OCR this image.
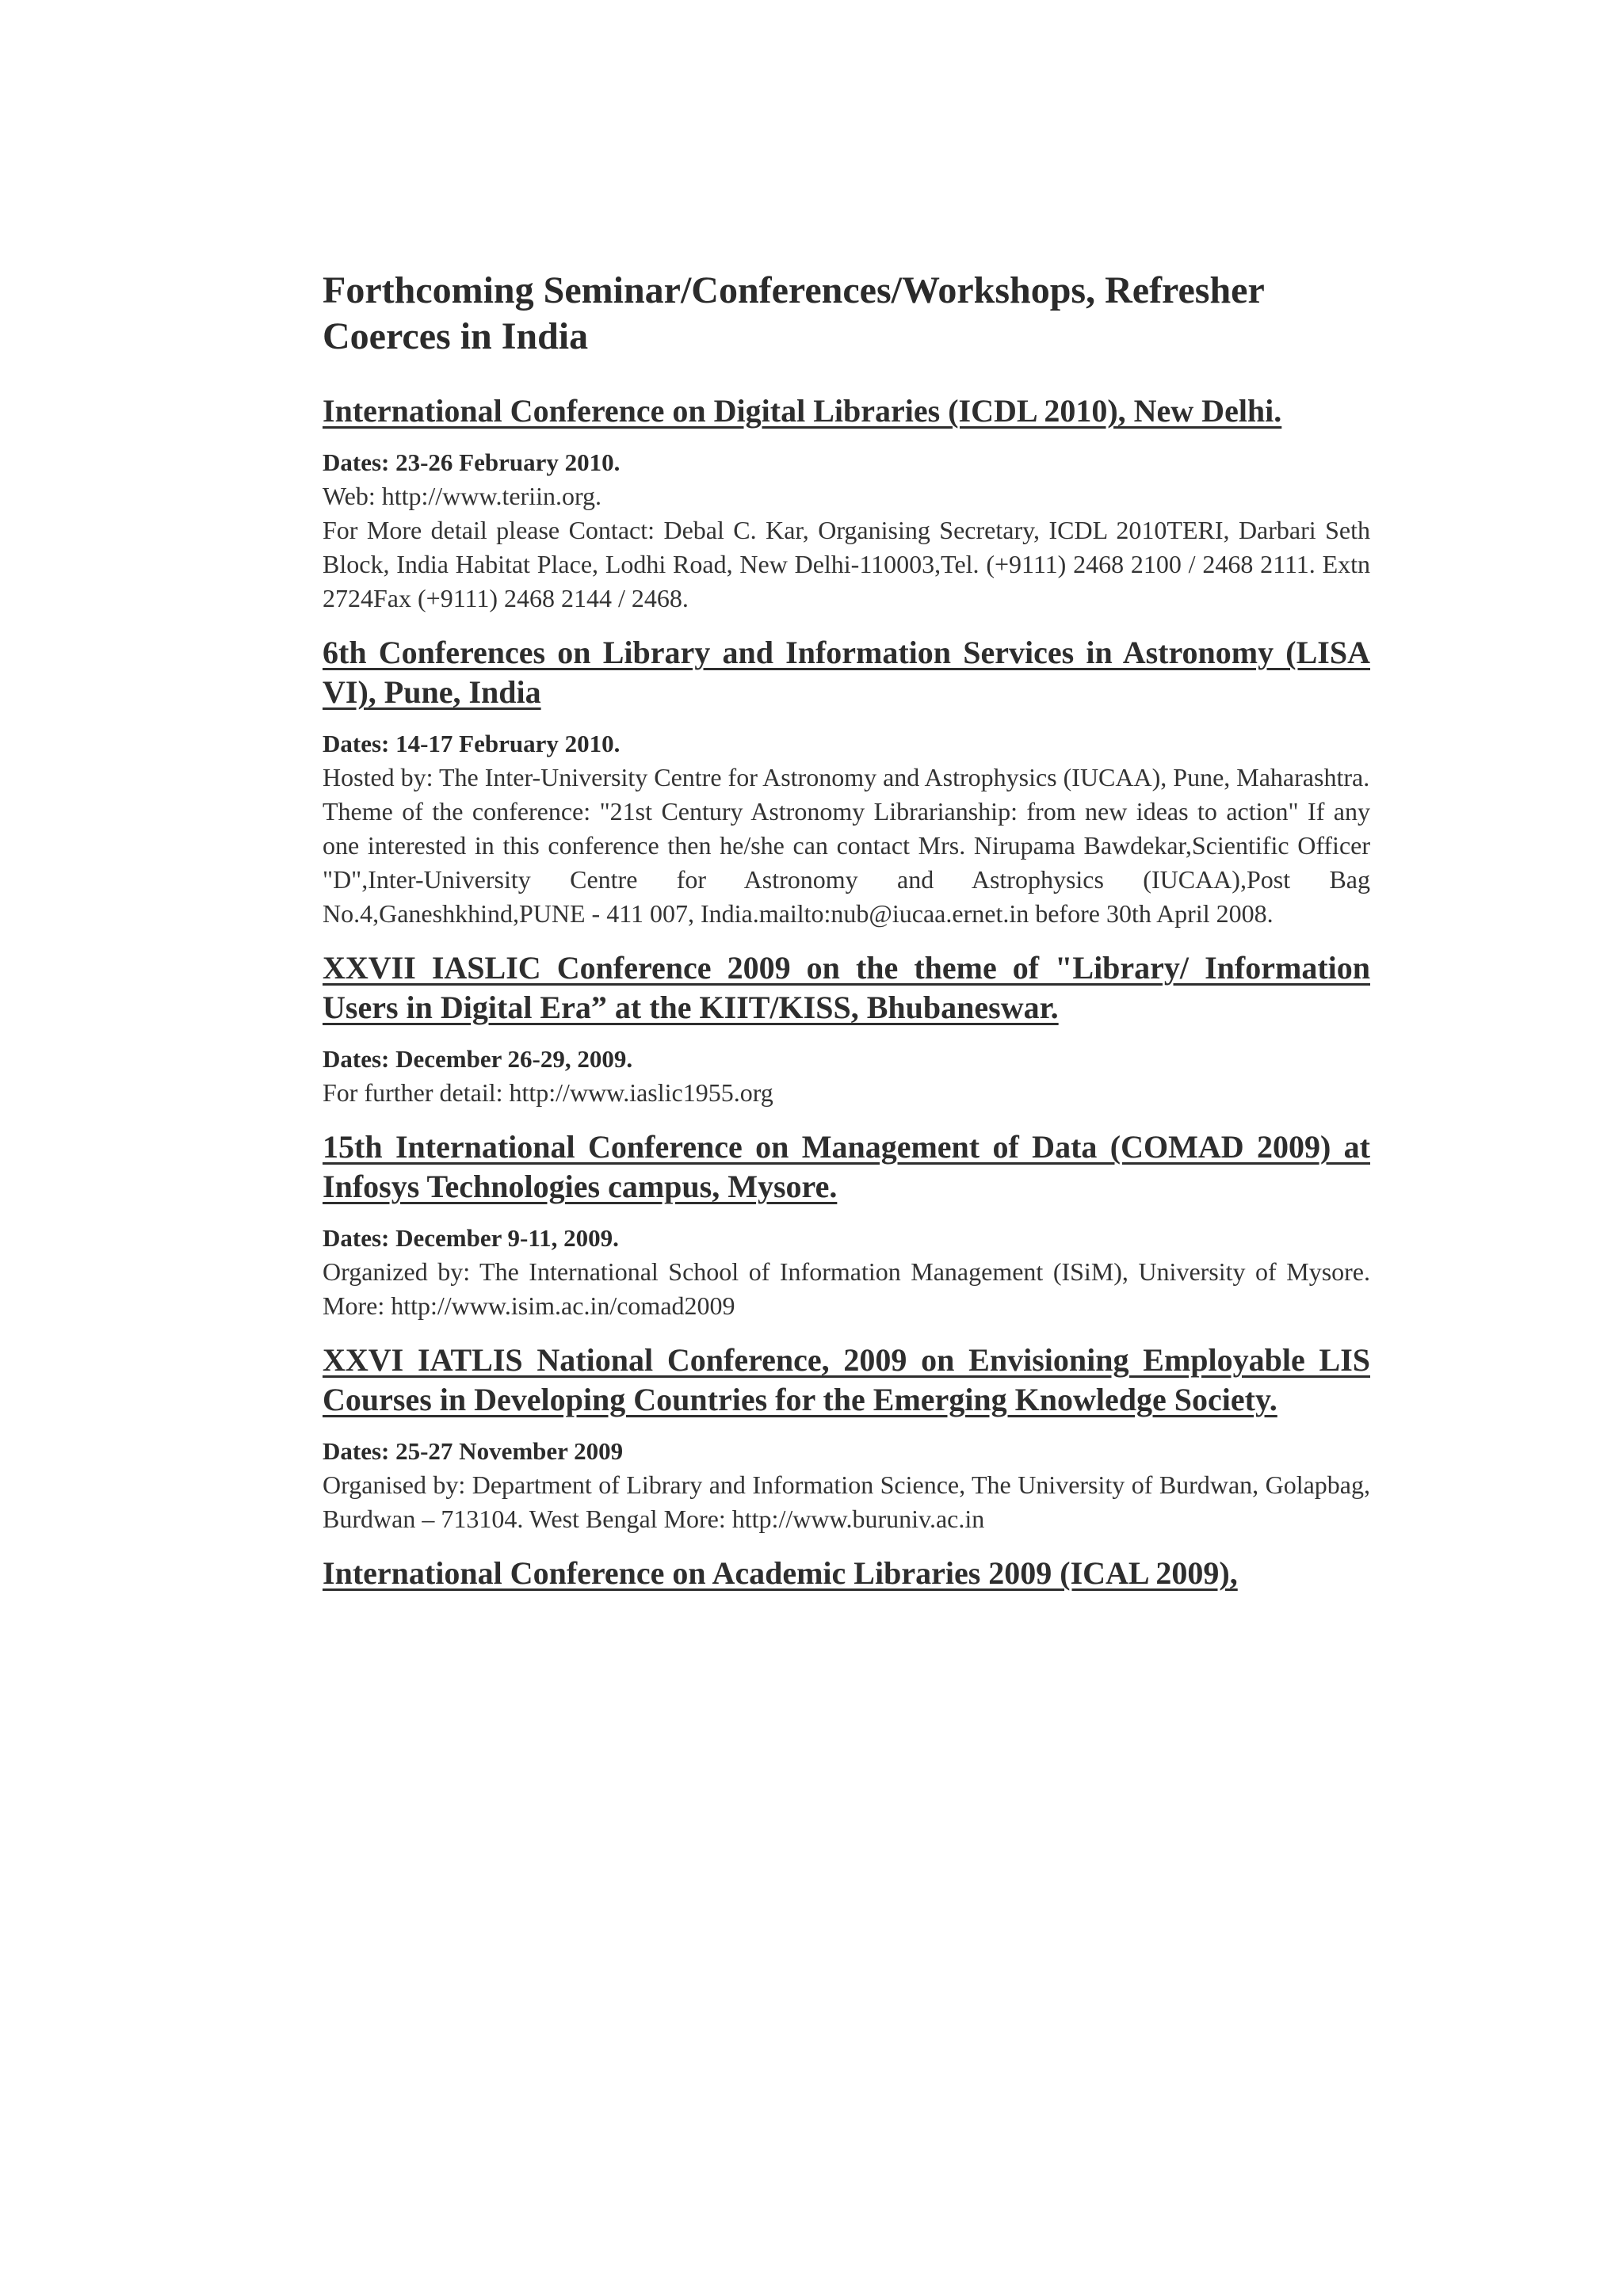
Forthcoming Seminar/Conferences/Workshops, Refresher Coerces in India
International Conference on Digital Libraries (ICDL 2010), New Delhi.

Dates: 23-26 February 2010.

Web: http://www.teriin.org.

For More detail please Contact: Debal C. Kar, Organising Secretary, ICDL 2010TERI, Darbari Seth Block, India Habitat Place, Lodhi Road, New Delhi-110003,Tel. (+9111) 2468 2100 / 2468 2111. Extn 2724Fax (+9111) 2468 2144 / 2468.

6th Conferences on Library and Information Services in Astronomy (LISA VI), Pune, India

Dates: 14-17 February 2010.

Hosted by: The Inter-University Centre for Astronomy and Astrophysics (IUCAA), Pune, Maharashtra.

Theme of the conference: "21st Century Astronomy Librarianship: from new ideas to action" If any one interested in this conference then he/she can contact Mrs. Nirupama Bawdekar,Scientific Officer "D",Inter-University Centre for Astronomy and Astrophysics (IUCAA),Post Bag No.4,Ganeshkhind,PUNE - 411 007, India.mailto:nub@iucaa.ernet.in before 30th April 2008.

XXVII IASLIC Conference 2009 on the theme of "Library/ Information Users in Digital Era” at the KIIT/KISS, Bhubaneswar.

Dates: December 26-29, 2009.

For further detail: http://www.iaslic1955.org

15th International Conference on Management of Data (COMAD 2009) at Infosys Technologies campus, Mysore.

Dates: December 9-11, 2009.

Organized by: The International School of Information Management (ISiM), University of Mysore. More: http://www.isim.ac.in/comad2009

XXVI IATLIS National Conference, 2009 on Envisioning Employable LIS Courses in Developing Countries for the Emerging Knowledge Society.

Dates: 25-27 November 2009

Organised by: Department of Library and Information Science, The University of Burdwan, Golapbag, Burdwan – 713104. West Bengal More: http://www.buruniv.ac.in

International Conference on Academic Libraries 2009 (ICAL 2009),
